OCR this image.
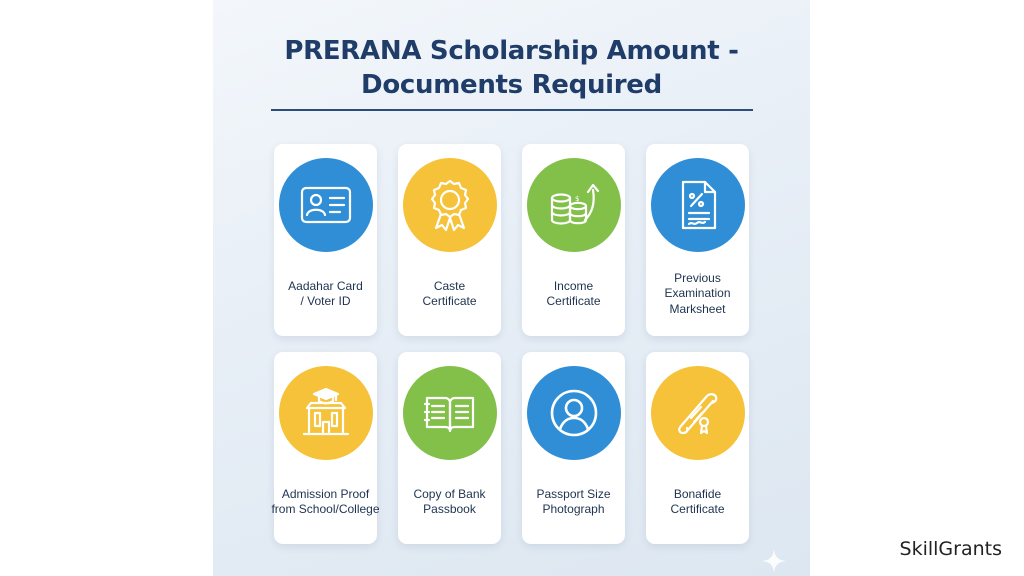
PRERANA Scholarship Amount -
Documents Required
Aadahar Card
/ Voter ID
Caste
Certificate
$
Income
Certificate
Previous
Examination
Marksheet
Admission Proof
from School/College
Copy of Bank
Passbook
Passport Size
Photograph
Bonafide
Certificate
SkillGrants
